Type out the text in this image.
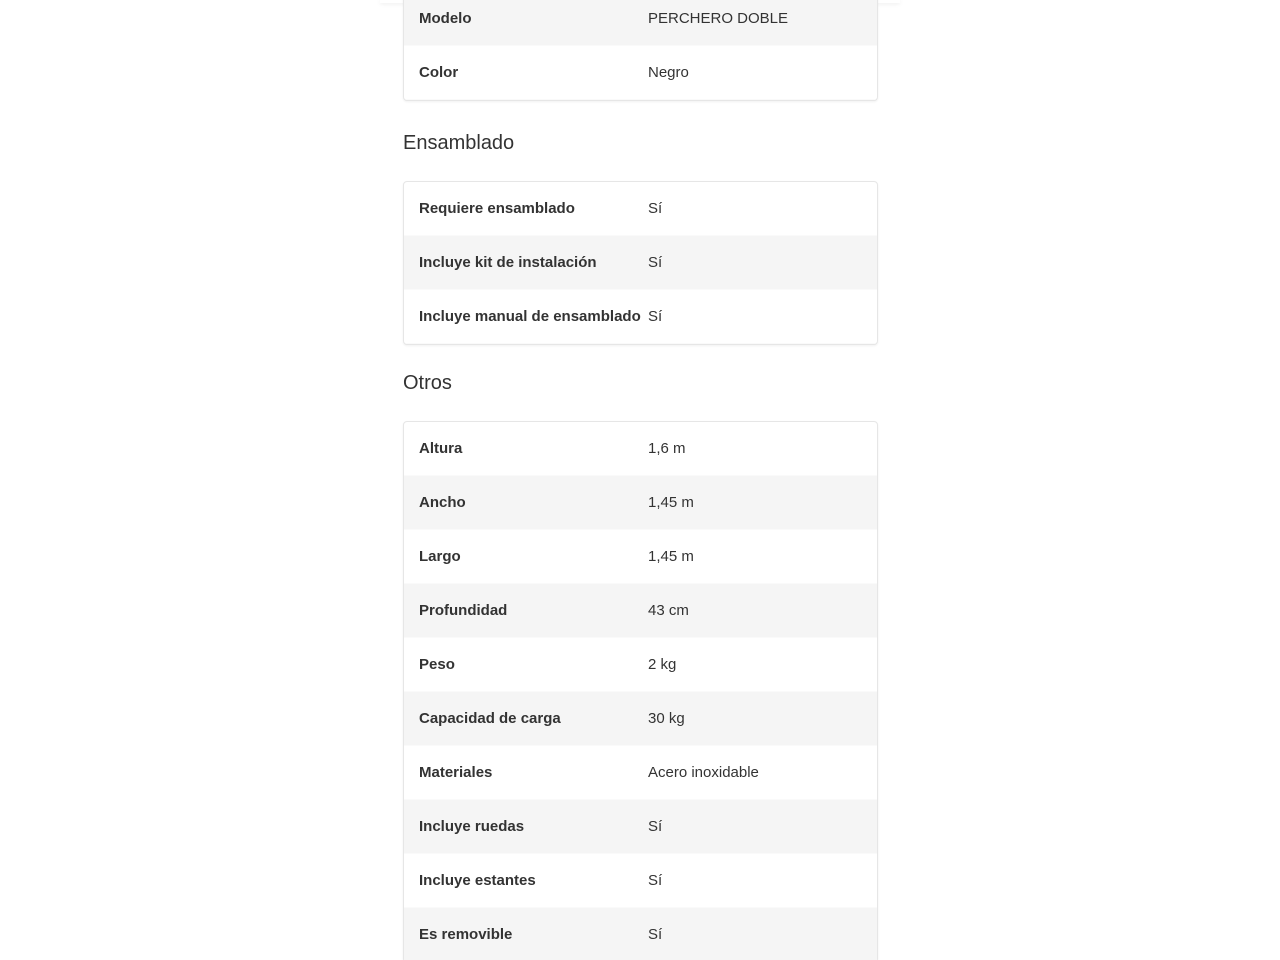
Modelo	PERCHERO DOBLE
Color	Negro
Ensamblado
Requiere ensamblado	Sí
Incluye kit de instalación	Sí
Incluye manual de ensamblado Sí
Otros
Altura	1,6 m
Ancho	1,45 m
Largo	1,45 m
Profundidad	43 cm
Peso	2 kg
Capacidad de carga	30 kg
Materiales	Acero inoxidable
Incluye ruedas	Sí
Incluye estantes	Sí
Es removible	Sí
